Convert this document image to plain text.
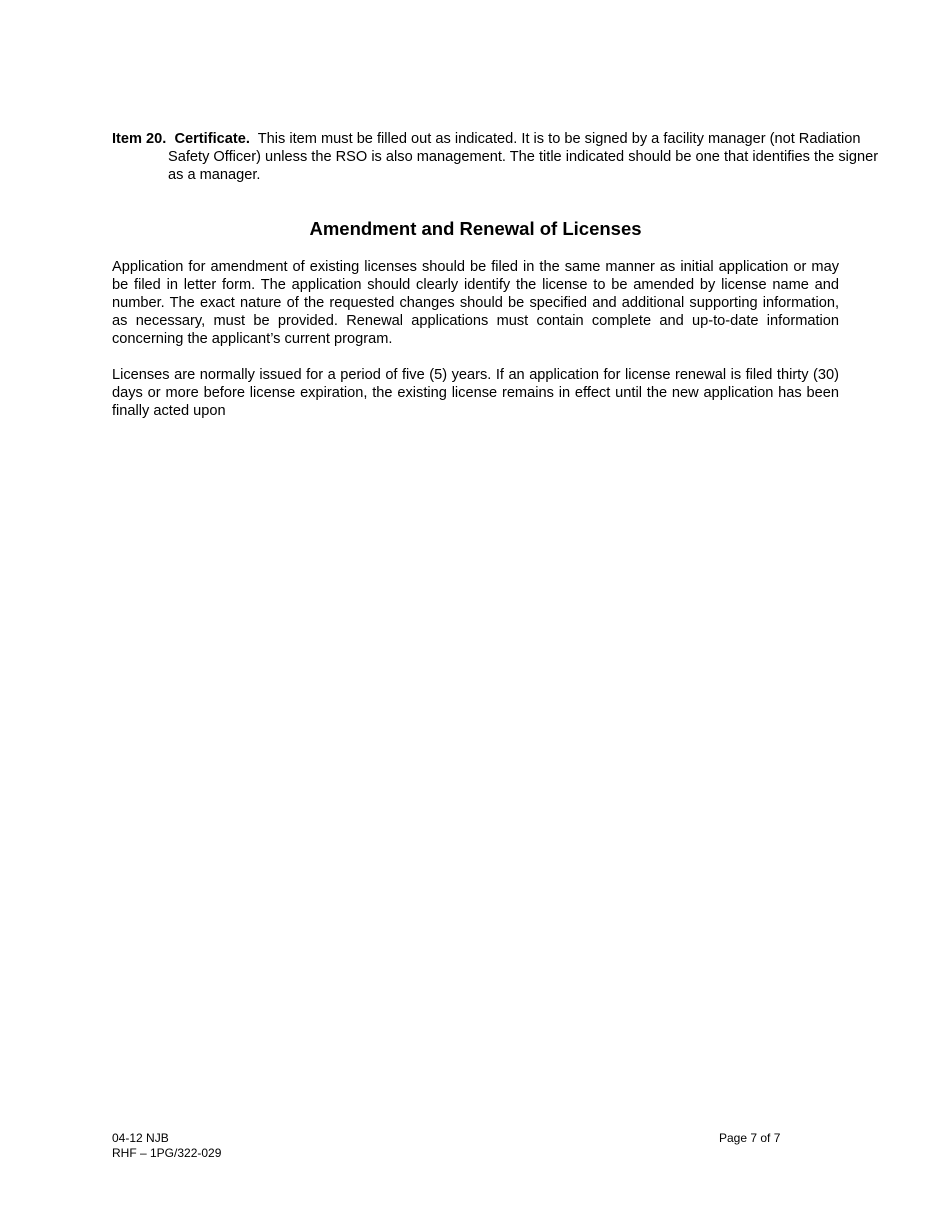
Item 20. Certificate. This item must be filled out as indicated. It is to be signed by a facility manager (not Radiation Safety Officer) unless the RSO is also management. The title indicated should be one that identifies the signer as a manager.

Amendment and Renewal of Licenses

Application for amendment of existing licenses should be filed in the same manner as initial application or may be filed in letter form. The application should clearly identify the license to be amended by license name and number. The exact nature of the requested changes should be specified and additional supporting information, as necessary, must be provided. Renewal applications must contain complete and up-to-date information concerning the applicant’s current program.

Licenses are normally issued for a period of five (5) years. If an application for license renewal is filed thirty (30) days or more before license expiration, the existing license remains in effect until the new application has been finally acted upon

04-12 NJB
RHF – 1PG/322-029
Page 7 of 7
